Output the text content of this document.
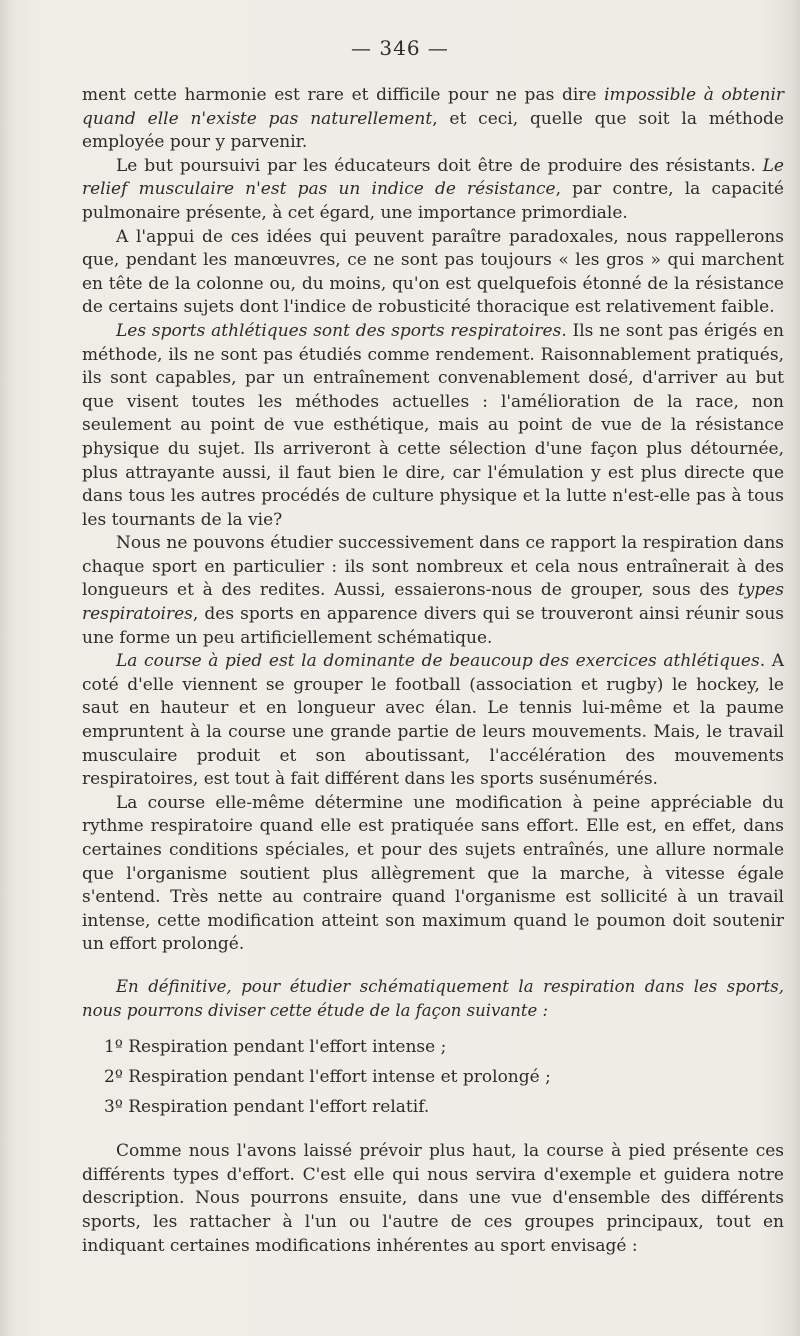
— 346 —

ment cette harmonie est rare et difficile pour ne pas dire impossible à obtenir quand elle n'existe pas naturellement, et ceci, quelle que soit la méthode employée pour y parvenir.

Le but poursuivi par les éducateurs doit être de produire des résistants. Le relief musculaire n'est pas un indice de résistance, par contre, la capacité pulmonaire présente, à cet égard, une importance primordiale.

A l'appui de ces idées qui peuvent paraître paradoxales, nous rappellerons que, pendant les manœuvres, ce ne sont pas toujours « les gros » qui marchent en tête de la colonne ou, du moins, qu'on est quelquefois étonné de la résistance de certains sujets dont l'indice de robusticité thoracique est relativement faible.

Les sports athlétiques sont des sports respiratoires. Ils ne sont pas érigés en méthode, ils ne sont pas étudiés comme rendement. Raisonnablement pratiqués, ils sont capables, par un entraînement convenablement dosé, d'arriver au but que visent toutes les méthodes actuelles : l'amélioration de la race, non seulement au point de vue esthétique, mais au point de vue de la résistance physique du sujet. Ils arriveront à cette sélection d'une façon plus détournée, plus attrayante aussi, il faut bien le dire, car l'émulation y est plus directe que dans tous les autres procédés de culture physique et la lutte n'est-elle pas à tous les tournants de la vie?

Nous ne pouvons étudier successivement dans ce rapport la respiration dans chaque sport en particulier : ils sont nombreux et cela nous entraînerait à des longueurs et à des redites. Aussi, essaierons-nous de grouper, sous des types respiratoires, des sports en apparence divers qui se trouveront ainsi réunir sous une forme un peu artificiellement schématique.

La course à pied est la dominante de beaucoup des exercices athlétiques. A coté d'elle viennent se grouper le football (association et rugby) le hockey, le saut en hauteur et en longueur avec élan. Le tennis lui-même et la paume empruntent à la course une grande partie de leurs mouvements. Mais, le travail musculaire produit et son aboutissant, l'accélération des mouvements respiratoires, est tout à fait différent dans les sports susénumérés.

La course elle-même détermine une modification à peine appréciable du rythme respiratoire quand elle est pratiquée sans effort. Elle est, en effet, dans certaines conditions spéciales, et pour des sujets entraînés, une allure normale que l'organisme soutient plus allègrement que la marche, à vitesse égale s'entend. Très nette au contraire quand l'organisme est sollicité à un travail intense, cette modification atteint son maximum quand le poumon doit soutenir un effort prolongé.

En définitive, pour étudier schématiquement la respiration dans les sports, nous pourrons diviser cette étude de la façon suivante :

1º Respiration pendant l'effort intense ;

2º Respiration pendant l'effort intense et prolongé ;

3º Respiration pendant l'effort relatif.

Comme nous l'avons laissé prévoir plus haut, la course à pied présente ces différents types d'effort. C'est elle qui nous servira d'exemple et guidera notre description. Nous pourrons ensuite, dans une vue d'ensemble des différents sports, les rattacher à l'un ou l'autre de ces groupes principaux, tout en indiquant certaines modifications inhérentes au sport envisagé :
